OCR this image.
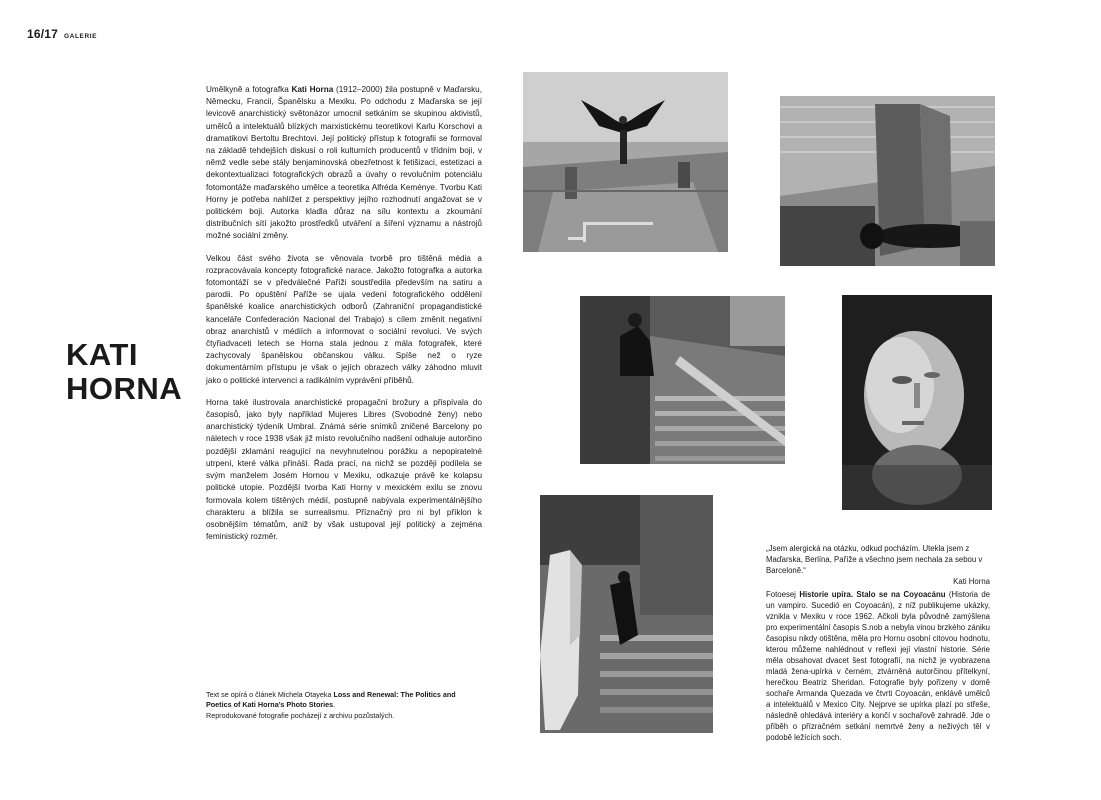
16/17 GALERIE
KATI
HORNA

Umělkyně a fotografka Kati Horna (1912–2000) žila postupně v Maďarsku, Německu, Francii, Španělsku a Mexiku. Po odchodu z Maďarska se její levicově anarchistický světonázor umocnil setkáním se skupinou aktivistů, umělců a intelektuálů blízkých marxistickému teoretikovi Karlu Korschovi a dramatikovi Bertoltu Brechtovi. Její politický přístup k fotografii se formoval na základě tehdejších diskusí o roli kulturních producentů v třídním boji, v němž vedle sebe stály benjaminovská obezřetnost k fetišizaci, estetizaci a dekontextualizaci fotografických obrazů a úvahy o revolučním potenciálu fotomontáže maďarského umělce a teoretika Alfréda Keménye. Tvorbu Kati Horny je potřeba nahlížet z perspektivy jejího rozhodnutí angažovat se v politickém boji. Autorka kladla důraz na sílu kontextu a zkoumání distribučních sítí jakožto prostředků utváření a šíření významu a nástrojů možné sociální změny.

Velkou část svého života se věnovala tvorbě pro tištěná média a rozpracovávala koncepty fotografické narace. Jakožto fotografka a autorka fotomontáží se v předválečné Paříži soustředila především na satiru a parodii. Po opuštění Paříže se ujala vedení fotografického oddělení španělské koalice anarchistických odborů (Zahraniční propagandistické kanceláře Confederación Nacional del Trabajo) s cílem změnit negativní obraz anarchistů v médiích a informovat o sociální revoluci. Ve svých čtyřiadvaceti letech se Horna stala jednou z mála fotografek, které zachycovaly španělskou občanskou válku. Spíše než o ryze dokumentárním přístupu je však o jejích obrazech války záhodno mluvit jako o politické intervenci a radikálním vyprávění příběhů.

Horna také ilustrovala anarchistické propagační brožury a přispívala do časopisů, jako byly například Mujeres Libres (Svobodné ženy) nebo anarchistický týdeník Umbral. Známá série snímků zničené Barcelony po náletech v roce 1938 však již místo revolučního nadšení odhaluje autorčino pozdější zklamání reagující na nevyhnutelnou porážku a nepopiratelné utrpení, které válka přináší. Řada prací, na nichž se později podílela se svým manželem Josém Hornou v Mexiku, odkazuje právě ke kolapsu politické utopie. Pozdější tvorba Kati Horny v mexickém exilu se znovu formovala kolem tištěných médií, postupně nabývala experimentálnějšího charakteru a blížila se surrealismu. Příznačný pro ni byl příklon k osobnějším tématům, aniž by však ustupoval její politický a zejména feministický rozměr.

Text se opírá o článek Michela Otayeka Loss and Renewal: The Politics and Poetics of Kati Horna’s Photo Stories.

Reprodukované fotografie pocházejí z archivu pozůstalých.

„Jsem alergická na otázku, odkud pocházím. Utekla jsem z Maďarska, Berlína, Paříže a všechno jsem nechala za sebou v Barceloně.“

Kati Horna

Fotoesej Historie upíra. Stalo se na Coyoacánu (Historia de un vampiro. Sucedió en Coyoacán), z níž publikujeme ukázky, vznikla v Mexiku v roce 1962. Ačkoli byla původně zamýšlena pro experimentální časopis S.nob a nebyla vinou brzkého zániku časopisu nikdy otištěna, měla pro Hornu osobní citovou hodnotu, kterou můžeme nahlédnout v reflexi její vlastní historie. Série měla obsahovat dvacet šest fotografií, na nichž je vyobrazena mladá žena-upírka v černém, ztvárněná autorčinou přítelkyní, herečkou Beatriz Sheridan. Fotografie byly pořízeny v domě sochaře Armanda Quezada ve čtvrti Coyoacán, enklávě umělců a intelektuálů v Mexico City. Nejprve se upírka plazí po střeše, následně ohledává interiéry a končí v sochařově zahradě. Jde o příběh o přízračném setkání nemrtvé ženy a neživých těl v podobě ležících soch.
